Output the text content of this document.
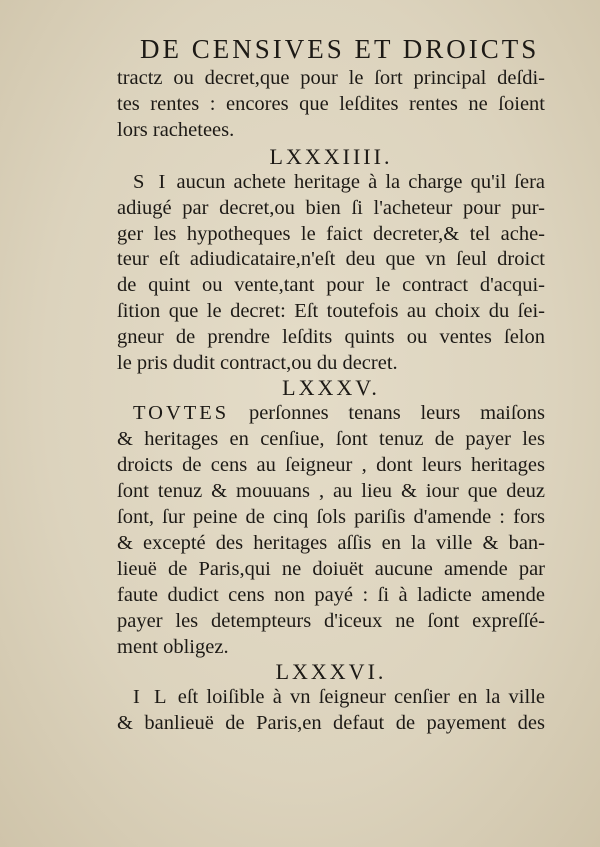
DE CENSIVES ET DROICTS
tractz ou decret,que pour le ſort principal deſdi-
tes rentes : encores que leſdites rentes ne ſoient
lors rachetees.
LXXXIIII.
S I aucun achete heritage à la charge qu'il ſera
adiugé par decret,ou bien ſi l'acheteur pour pur-
ger les hypotheques le faict decreter,& tel ache-
teur eſt adiudicataire,n'eſt deu que vn ſeul droict
de quint ou vente,tant pour le contract d'acqui-
ſition que le decret: Eſt toutefois au choix du ſei-
gneur de prendre leſdits quints ou ventes ſelon
le pris dudit contract,ou du decret.
LXXXV.
TOVTES perſonnes tenans leurs maiſons
& heritages en cenſiue, ſont tenuz de payer les
droicts de cens au ſeigneur , dont leurs heritages
ſont tenuz & mouuans , au lieu & iour que deuz
ſont, ſur peine de cinq ſols pariſis d'amende : fors
& excepté des heritages aſſis en la ville & ban-
lieuë de Paris,qui ne doiuët aucune amende par
faute dudict cens non payé : ſi à ladicte amende
payer les detempteurs d'iceux ne ſont expreſſé-
ment obligez.
LXXXVI.
I L eſt loiſible à vn ſeigneur cenſier en la ville
& banlieuë de Paris,en defaut de payement des
